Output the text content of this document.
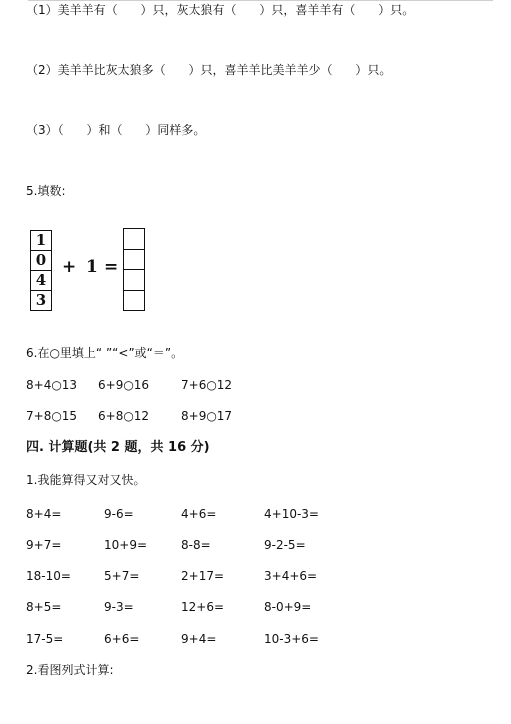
（1）美羊羊有（      ）只，灰太狼有（      ）只，喜羊羊有（      ）只。
（2）美羊羊比灰太狼多（      ）只，喜羊羊比美羊羊少（      ）只。
（3）（      ）和（      ）同样多。
5.填数:
1
0
4
3
+ 1 =
6.在○里填上“ ”“<”或“＝”。
8+4○13 6+9○16	7+6○12
7+8○15 6+8○12	8+9○17
四. 计算题(共 2 题，共 16 分)
1.我能算得又对又快。
8+4=	9-6=	4+6=	4+10-3=
9+7=	10+9=	8-8=	9-2-5=
18-10=	5+7=	2+17=	3+4+6=
8+5=	9-3=	12+6=	8-0+9=
17-5=	6+6=	9+4=	10-3+6=
2.看图列式计算:
